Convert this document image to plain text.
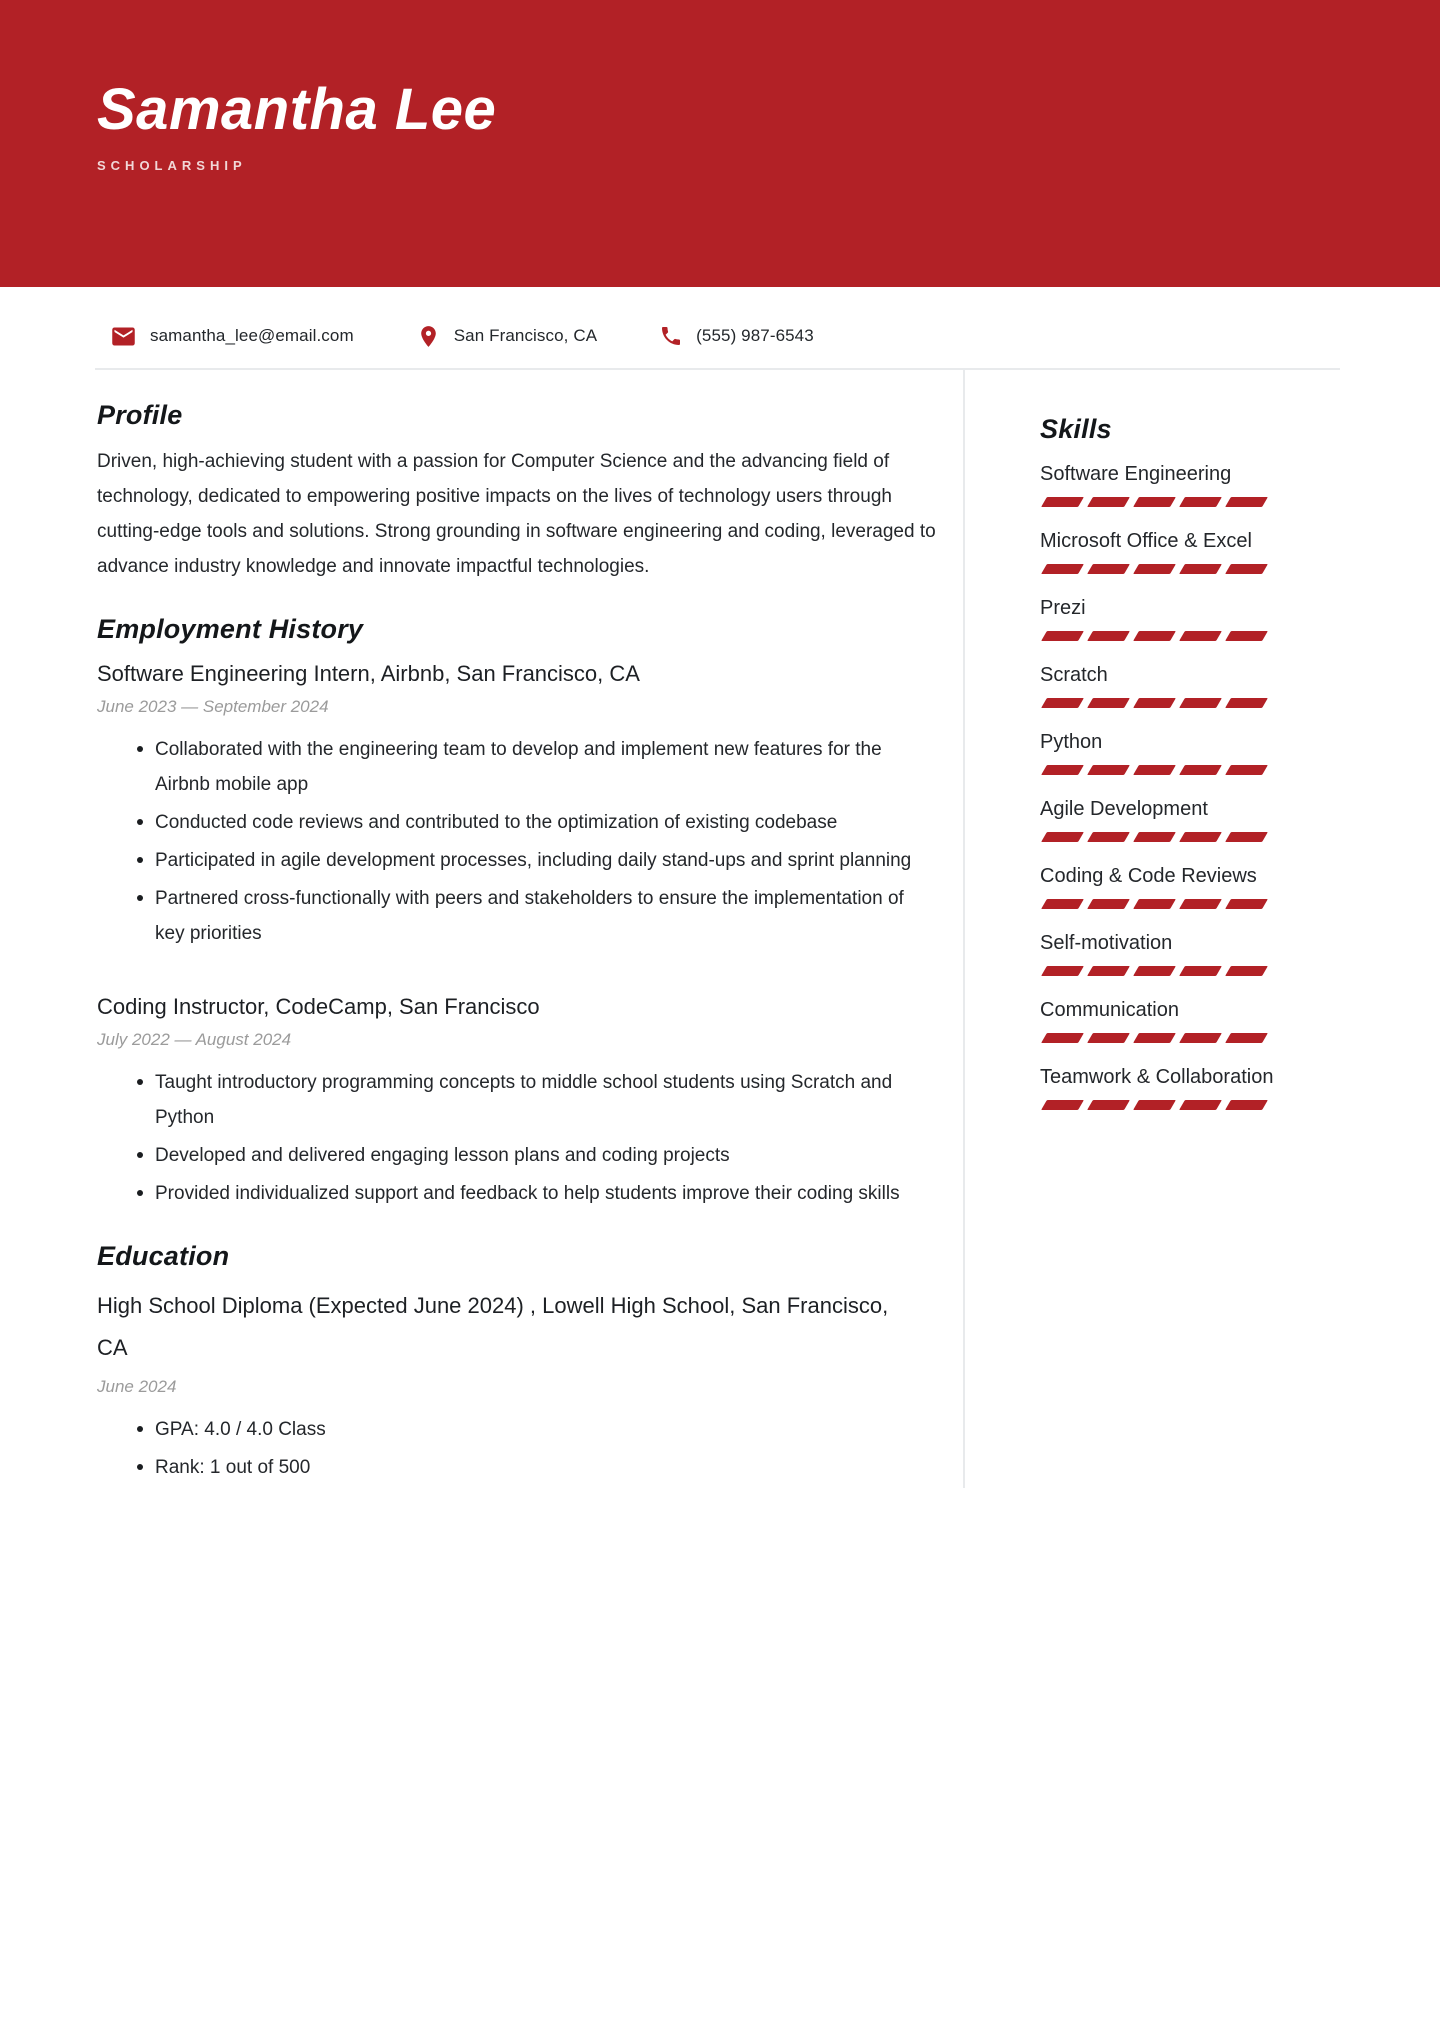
Samantha Lee
SCHOLARSHIP
samantha_lee@email.com	San Francisco, CA	(555) 987-6543
Profile

Driven, high-achieving student with a passion for Computer Science and the advancing field of technology, dedicated to empowering positive impacts on the lives of technology users through cutting-edge tools and solutions. Strong grounding in software engineering and coding, leveraged to advance industry knowledge and innovate impactful technologies.

Employment History
Software Engineering Intern, Airbnb, San Francisco, CA
June 2023 — September 2024
Collaborated with the engineering team to develop and implement new features for the Airbnb mobile app
Conducted code reviews and contributed to the optimization of existing codebase
Participated in agile development processes, including daily stand-ups and sprint planning
Partnered cross-functionally with peers and stakeholders to ensure the implementation of key priorities
Coding Instructor, CodeCamp, San Francisco
July 2022 — August 2024
Taught introductory programming concepts to middle school students using Scratch and Python
Developed and delivered engaging lesson plans and coding projects
Provided individualized support and feedback to help students improve their coding skills
Education
High School Diploma (Expected June 2024) , Lowell High School, San Francisco, CA
June 2024
GPA: 4.0 / 4.0 Class
Rank: 1 out of 500
Skills
Software Engineering
Microsoft Office & Excel
Prezi
Scratch
Python
Agile Development
Coding & Code Reviews
Self-motivation
Communication
Teamwork & Collaboration
